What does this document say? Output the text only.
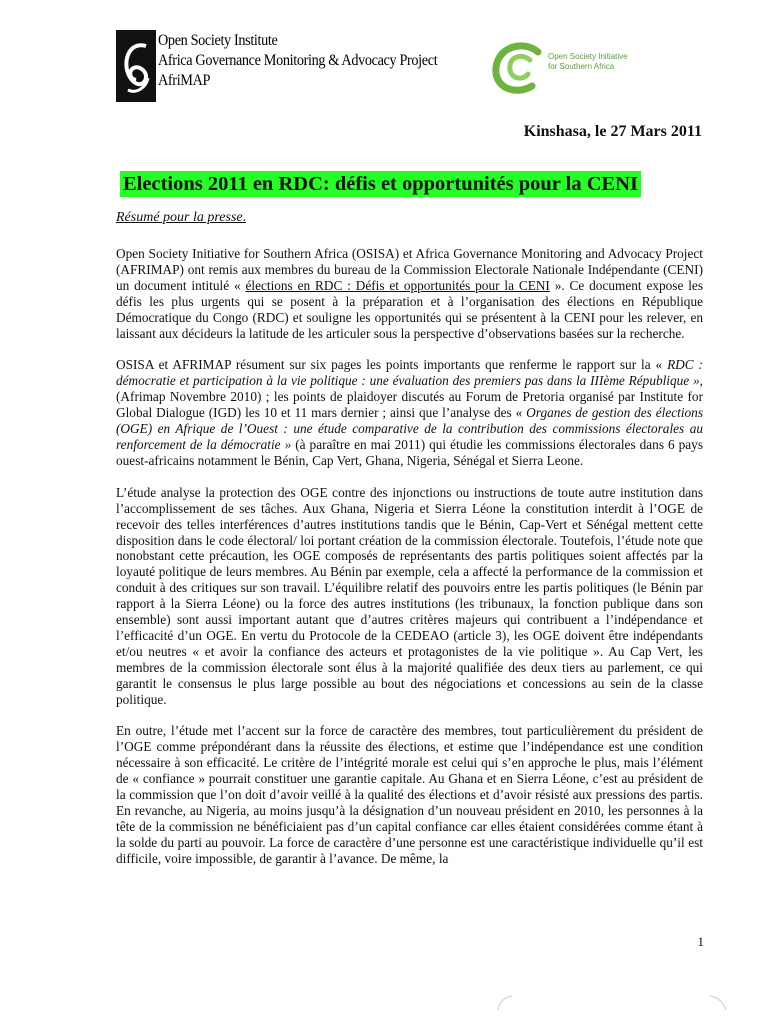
Open Society Institute
Africa Governance Monitoring & Advocacy Project
AfriMAP
Open Society Initiative
for Southern Africa
Kinshasa, le 27 Mars 2011
Elections 2011 en RDC: défis et opportunités pour la CENI
Résumé pour la presse.

Open Society Initiative for Southern Africa (OSISA) et Africa Governance Monitoring and Advocacy Project (AFRIMAP) ont remis aux membres du bureau de la Commission Electorale Nationale Indépendante (CENI) un document intitulé « élections en RDC : Défis et opportunités pour la CENI ». Ce document expose les défis les plus urgents qui se posent à la préparation et à l’organisation des élections en République Démocratique du Congo (RDC) et souligne les opportunités qui se présentent à la CENI pour les relever, en laissant aux décideurs la latitude de les articuler sous la perspective d’observations basées sur la recherche.

OSISA et AFRIMAP résument sur six pages les points importants que renferme le rapport sur la « RDC : démocratie et participation à la vie politique : une évaluation des premiers pas dans la IIIème République », (Afrimap Novembre 2010) ; les points de plaidoyer discutés au Forum de Pretoria organisé par Institute for Global Dialogue (IGD) les 10 et 11 mars dernier ; ainsi que l’analyse des « Organes de gestion des élections (OGE) en Afrique de l’Ouest : une étude comparative de la contribution des commissions électorales au renforcement de la démocratie » (à paraître en mai 2011) qui étudie les commissions électorales dans 6 pays ouest-africains notamment le Bénin, Cap Vert, Ghana, Nigeria, Sénégal et Sierra Leone.

L’étude analyse la protection des OGE contre des injonctions ou instructions de toute autre institution dans l’accomplissement de ses tâches. Aux Ghana, Nigeria et Sierra Léone la constitution interdit à l’OGE de recevoir des telles interférences d’autres institutions tandis que le Bénin, Cap-Vert et Sénégal mettent cette disposition dans le code électoral/ loi portant création de la commission électorale. Toutefois, l’étude note que nonobstant cette précaution, les OGE composés de représentants des partis politiques soient affectés par la loyauté politique de leurs membres. Au Bénin par exemple, cela a affecté la performance de la commission et conduit à des critiques sur son travail. L’équilibre relatif des pouvoirs entre les partis politiques (le Bénin par rapport à la Sierra Léone) ou la force des autres institutions (les tribunaux, la fonction publique dans son ensemble) sont aussi important autant que d’autres critères majeurs qui contribuent a l’indépendance et l’efficacité d’un OGE. En vertu du Protocole de la CEDEAO (article 3), les OGE doivent être indépendants et/ou neutres « et avoir la confiance des acteurs et protagonistes de la vie politique ». Au Cap Vert, les membres de la commission électorale sont élus à la majorité qualifiée des deux tiers au parlement, ce qui garantit le consensus le plus large possible au bout des négociations et concessions au sein de la classe politique.

En outre, l’étude met l’accent sur la force de caractère des membres, tout particulièrement du président de l’OGE comme prépondérant dans la réussite des élections, et estime que l’indépendance est une condition nécessaire à son efficacité. Le critère de l’intégrité morale est celui qui s’en approche le plus, mais l’élément de « confiance » pourrait constituer une garantie capitale. Au Ghana et en Sierra Léone, c’est au président de la commission que l’on doit d’avoir veillé à la qualité des élections et d’avoir résisté aux pressions des partis. En revanche, au Nigeria, au moins jusqu’à la désignation d’un nouveau président en 2010, les personnes à la tête de la commission ne bénéficiaient pas d’un capital confiance car elles étaient considérées comme étant à la solde du parti au pouvoir. La force de caractère d’une personne est une caractéristique individuelle qu’il est difficile, voire impossible, de garantir à l’avance. De même, la

1
